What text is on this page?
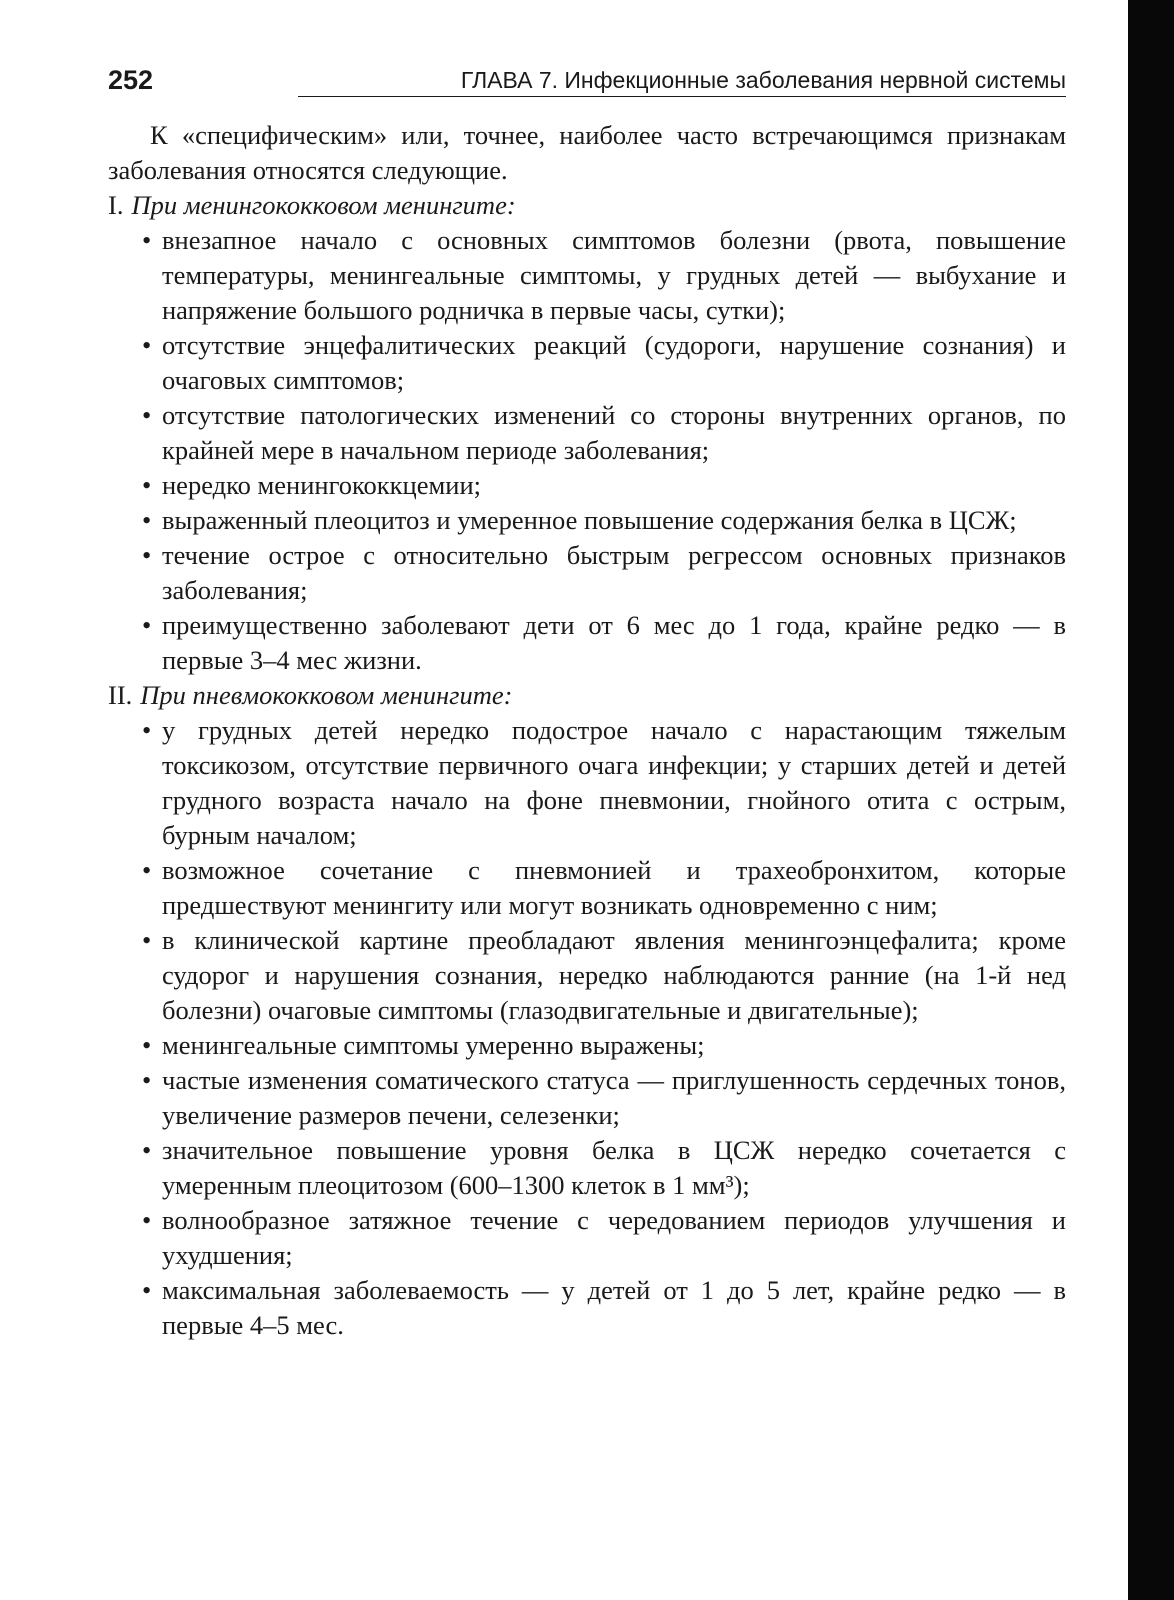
252	ГЛАВА 7. Инфекционные заболевания нервной системы

К «специфическим» или, точнее, наиболее часто встречающимся признакам заболевания относятся следующие.

I. При менингококковом менингите:

• внезапное начало с основных симптомов болезни (рвота, повышение температуры, менингеальные симптомы, у грудных детей — выбухание и напряжение большого родничка в первые часы, сутки);
• отсутствие энцефалитических реакций (судороги, нарушение сознания) и очаговых симптомов;
• отсутствие патологических изменений со стороны внутренних органов, по крайней мере в начальном периоде заболевания;
• нередко менингококкцемии;
• выраженный плеоцитоз и умеренное повышение содержания белка в ЦСЖ;
• течение острое с относительно быстрым регрессом основных признаков заболевания;
• преимущественно заболевают дети от 6 мес до 1 года, крайне редко — в первые 3–4 мес жизни.

II. При пневмококковом менингите:

• у грудных детей нередко подострое начало с нарастающим тяжелым токсикозом, отсутствие первичного очага инфекции; у старших детей и детей грудного возраста начало на фоне пневмонии, гнойного отита с острым, бурным началом;
• возможное сочетание с пневмонией и трахеобронхитом, которые предшествуют менингиту или могут возникать одновременно с ним;
• в клинической картине преобладают явления менингоэнцефалита; кроме судорог и нарушения сознания, нередко наблюдаются ранние (на 1-й нед болезни) очаговые симптомы (глазодвигательные и двигательные);
• менингеальные симптомы умеренно выражены;
• частые изменения соматического статуса — приглушенность сердечных тонов, увеличение размеров печени, селезенки;
• значительное повышение уровня белка в ЦСЖ нередко сочетается с умеренным плеоцитозом (600–1300 клеток в 1 мм³);
• волнообразное затяжное течение с чередованием периодов улучшения и ухудшения;
• максимальная заболеваемость — у детей от 1 до 5 лет, крайне редко — в первые 4–5 мес.
